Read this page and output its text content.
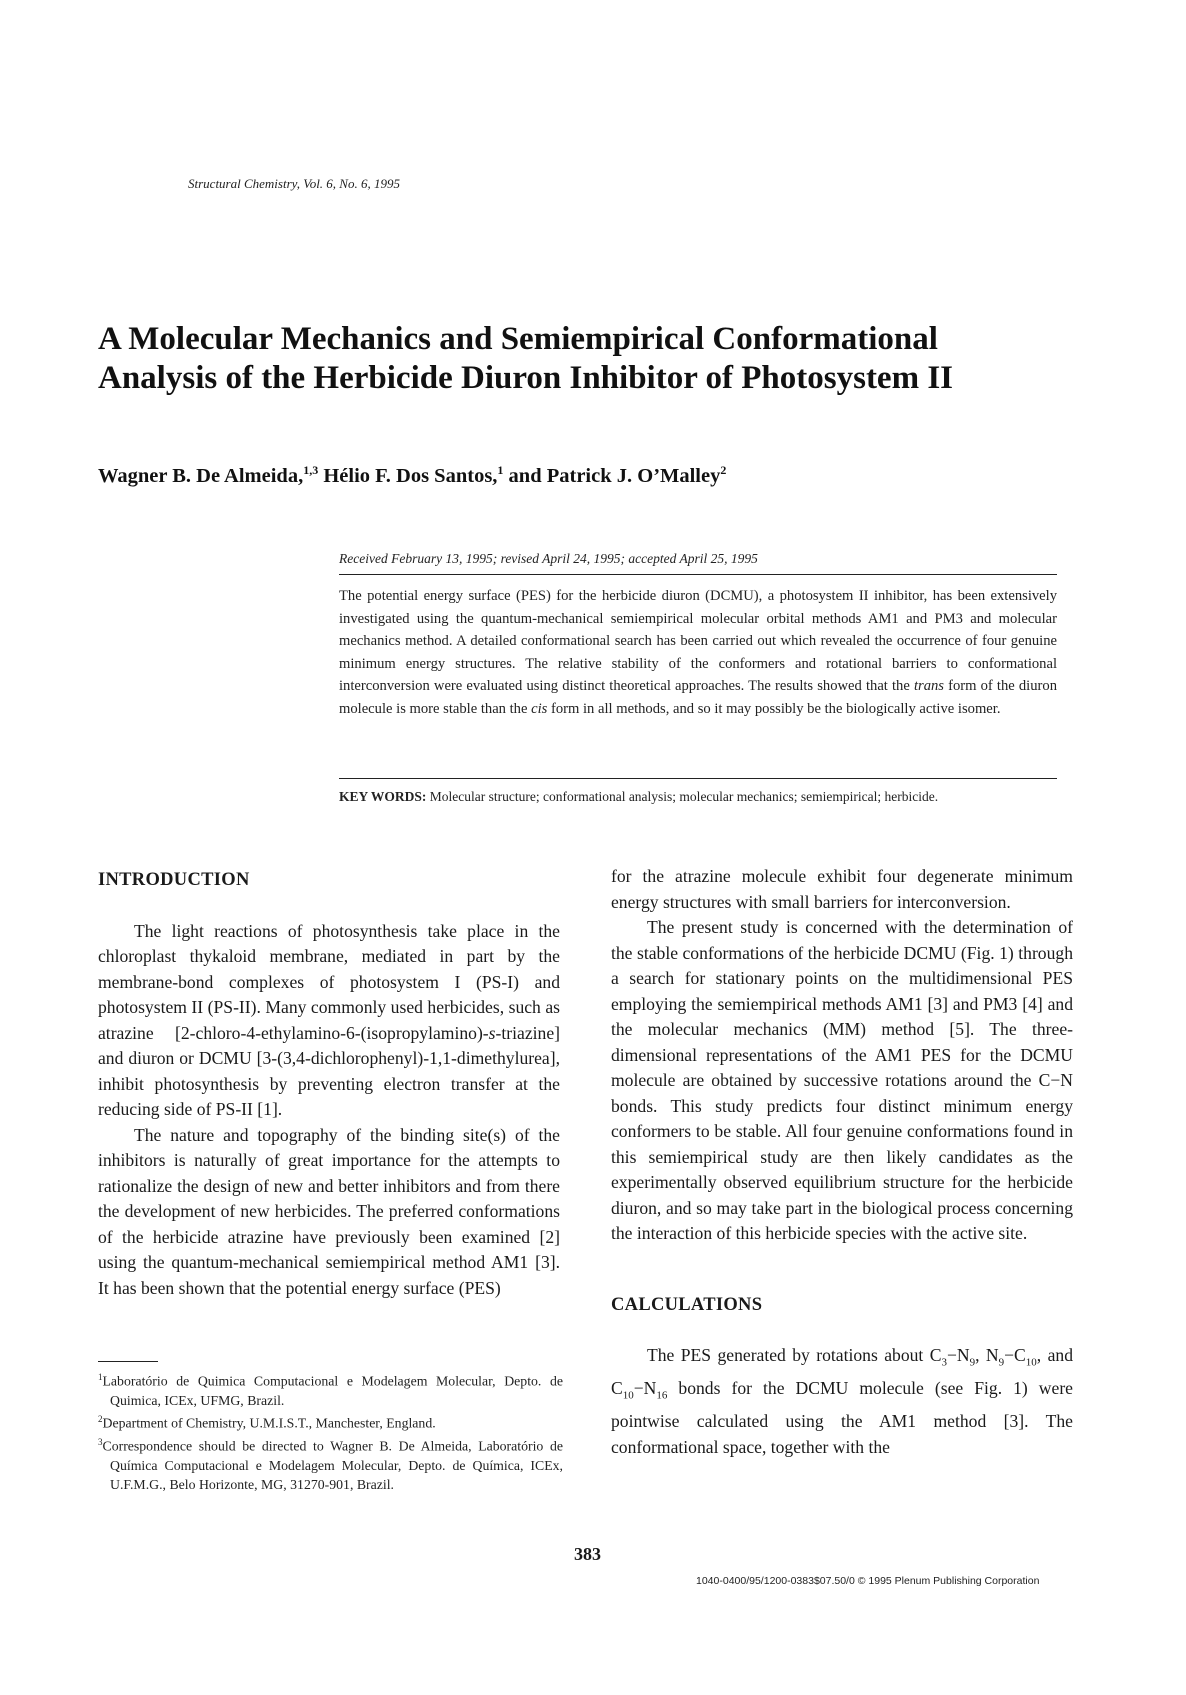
Structural Chemistry, Vol. 6, No. 6, 1995
A Molecular Mechanics and Semiempirical Conformational
Analysis of the Herbicide Diuron Inhibitor of Photosystem II
Wagner B. De Almeida,$^{1,3}$ Hélio F. Dos Santos,$^1$ and Patrick J. O’Malley$^2$
Received February 13, 1995; revised April 24, 1995; accepted April 25, 1995

The potential energy surface (PES) for the herbicide diuron (DCMU), a photosystem II inhibitor, has been extensively investigated using the quantum-mechanical semiempirical molecular orbital methods AM1 and PM3 and molecular mechanics method. A detailed conformational search has been carried out which revealed the occurrence of four genuine minimum energy structures. The relative stability of the conformers and rotational barriers to conformational interconversion were evaluated using distinct theoretical approaches. The results showed that the trans form of the diuron molecule is more stable than the cis form in all methods, and so it may possibly be the biologically active isomer.

KEY WORDS: Molecular structure; conformational analysis; molecular mechanics; semiempirical; herbicide.

INTRODUCTION

The light reactions of photosynthesis take place in the chloroplast thykaloid membrane, mediated in part by the membrane-bond complexes of photosystem I (PS-I) and photosystem II (PS-II). Many commonly used herbicides, such as atrazine [2-chloro-4-ethylamino-6-(isopropylamino)-s-triazine] and diuron or DCMU [3-(3,4-dichlorophenyl)-1,1-dimethylurea], inhibit photosynthesis by preventing electron transfer at the reducing side of PS-II [1].

The nature and topography of the binding site(s) of the inhibitors is naturally of great importance for the attempts to rationalize the design of new and better inhibitors and from there the development of new herbicides. The preferred conformations of the herbicide atrazine have previously been examined [2] using the quantum-mechanical semiempirical method AM1 [3]. It has been shown that the potential energy surface (PES)

$^1$Laboratório de Quimica Computacional e Modelagem Molecular, Depto. de Quimica, ICEx, UFMG, Brazil.

$^2$Department of Chemistry, U.M.I.S.T., Manchester, England.

$^3$Correspondence should be directed to Wagner B. De Almeida, Laboratório de Química Computacional e Modelagem Molecular, Depto. de Química, ICEx, U.F.M.G., Belo Horizonte, MG, 31270-901, Brazil.

for the atrazine molecule exhibit four degenerate minimum energy structures with small barriers for interconversion.

The present study is concerned with the determination of the stable conformations of the herbicide DCMU (Fig. 1) through a search for stationary points on the multidimensional PES employing the semiempirical methods AM1 [3] and PM3 [4] and the molecular mechanics (MM) method [5]. The three-dimensional representations of the AM1 PES for the DCMU molecule are obtained by successive rotations around the C−N bonds. This study predicts four distinct minimum energy conformers to be stable. All four genuine conformations found in this semiempirical study are then likely candidates as the experimentally observed equilibrium structure for the herbicide diuron, and so may take part in the biological process concerning the interaction of this herbicide species with the active site.

CALCULATIONS

The PES generated by rotations about $C_3-N_9$, $N_9-C_{10}$, and $C_{10}-N_{16}$ bonds for the DCMU molecule (see Fig. 1) were pointwise calculated using the AM1 method [3]. The conformational space, together with the

383
1040-0400/95/1200-0383$07.50/0 © 1995 Plenum Publishing Corporation
